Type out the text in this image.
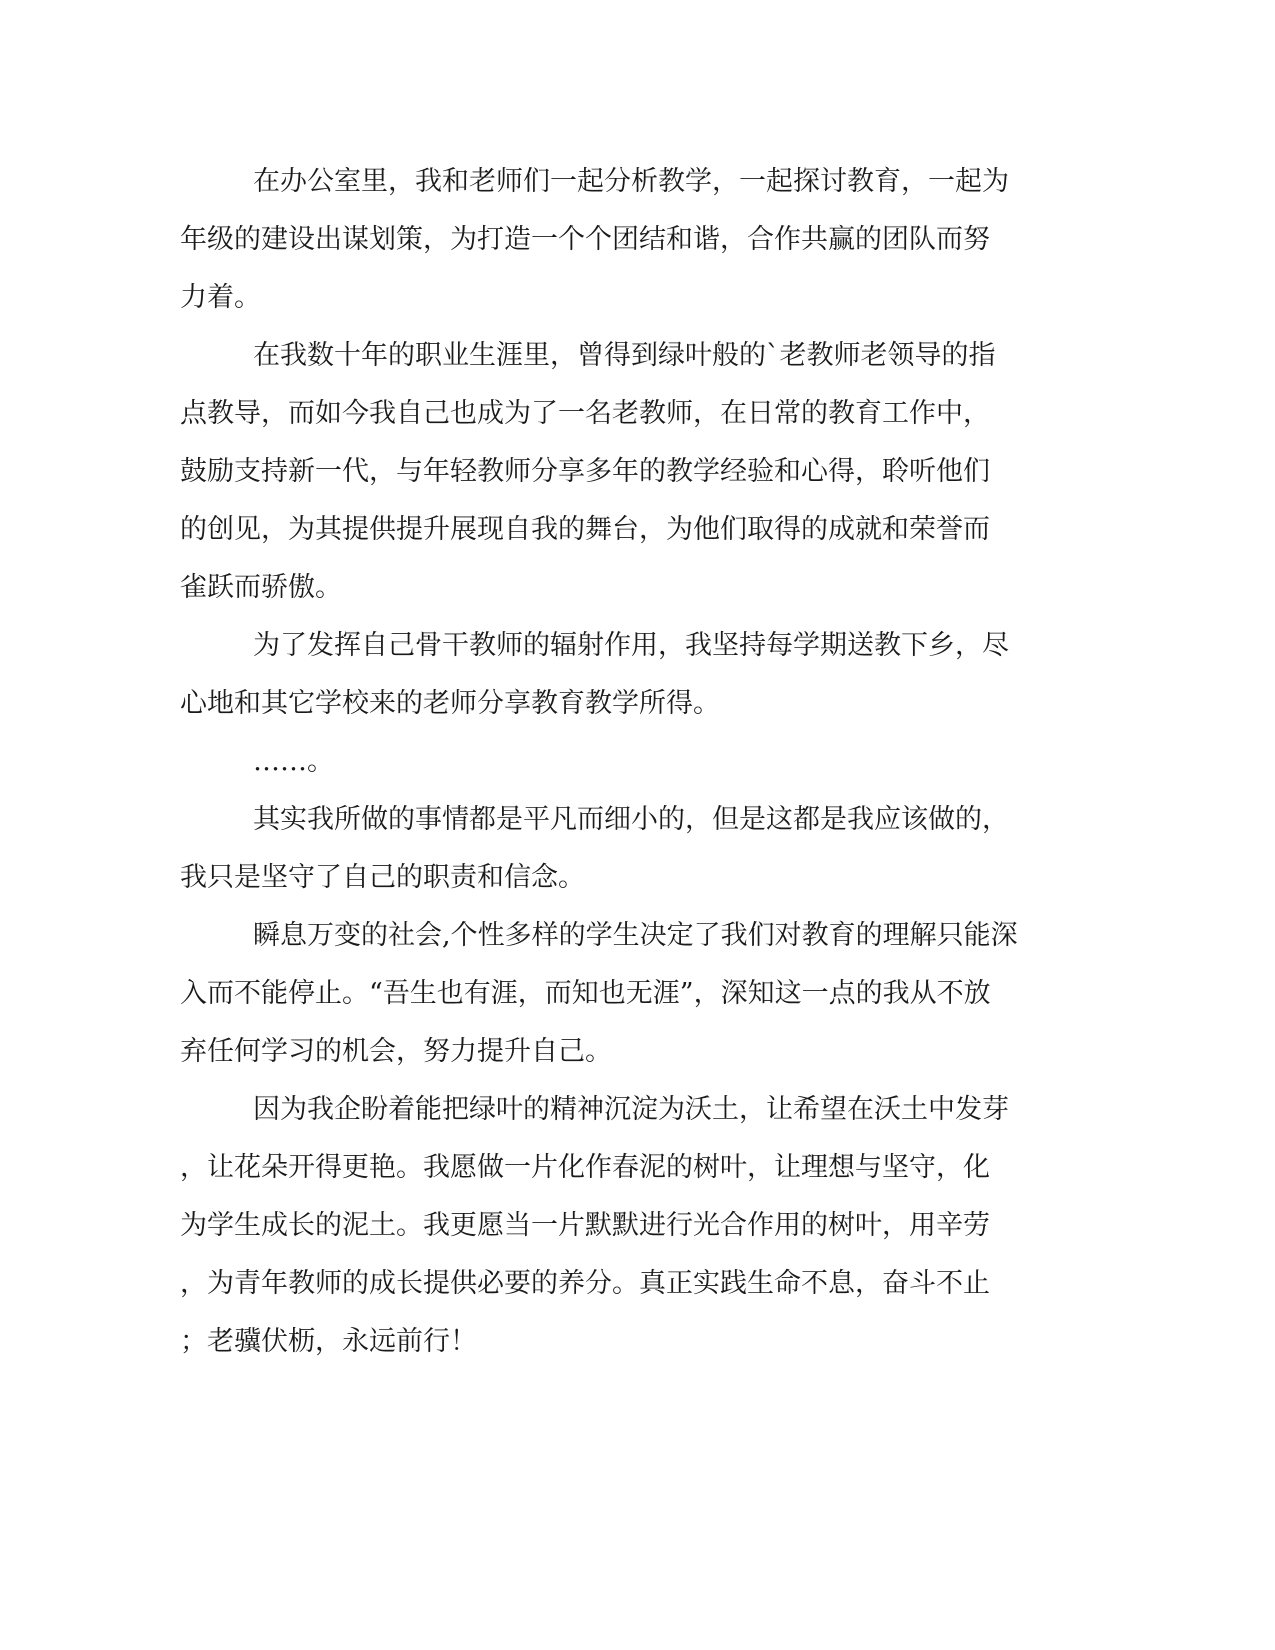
在办公室里，我和老师们一起分析教学，一起探讨教育，一起为
年级的建设出谋划策，为打造一个个团结和谐，合作共赢的团队而努
力着。
在我数十年的职业生涯里，曾得到绿叶般的`老教师老领导的指
点教导，而如今我自己也成为了一名老教师，在日常的教育工作中，
鼓励支持新一代，与年轻教师分享多年的教学经验和心得，聆听他们
的创见，为其提供提升展现自我的舞台，为他们取得的成就和荣誉而
雀跃而骄傲。
为了发挥自己骨干教师的辐射作用，我坚持每学期送教下乡，尽
心地和其它学校来的老师分享教育教学所得。
……。
其实我所做的事情都是平凡而细小的，但是这都是我应该做的，
我只是坚守了自己的职责和信念。
瞬息万变的社会,个性多样的学生决定了我们对教育的理解只能深
入而不能停止。“吾生也有涯，而知也无涯”，深知这一点的我从不放
弃任何学习的机会，努力提升自己。
因为我企盼着能把绿叶的精神沉淀为沃土，让希望在沃土中发芽
，让花朵开得更艳。我愿做一片化作春泥的树叶，让理想与坚守，化
为学生成长的泥土。我更愿当一片默默进行光合作用的树叶，用辛劳
，为青年教师的成长提供必要的养分。真正实践生命不息，奋斗不止
；老骥伏枥，永远前行！
